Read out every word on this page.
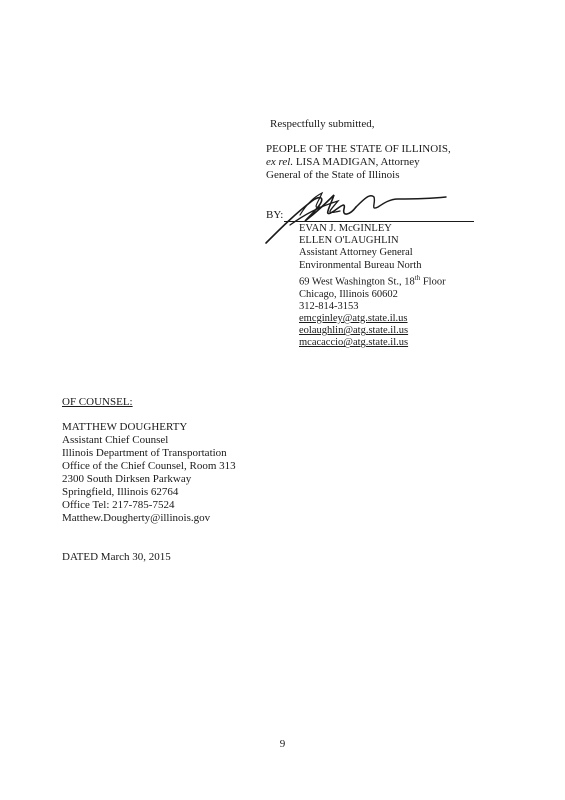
Respectfully submitted,
PEOPLE OF THE STATE OF ILLINOIS,
ex rel. LISA MADIGAN, Attorney
General of the State of Illinois
BY:
EVAN J. McGINLEY
ELLEN O'LAUGHLIN
Assistant Attorney General
Environmental Bureau North
69 West Washington St., 18th Floor
Chicago, Illinois 60602
312-814-3153
emcginley@atg.state.il.us
eolaughlin@atg.state.il.us
mcacaccio@atg.state.il.us
OF COUNSEL:
MATTHEW DOUGHERTY
Assistant Chief Counsel
Illinois Department of Transportation
Office of the Chief Counsel, Room 313
2300 South Dirksen Parkway
Springfield, Illinois 62764
Office Tel: 217-785-7524
Matthew.Dougherty@illinois.gov
DATED March 30, 2015
9
